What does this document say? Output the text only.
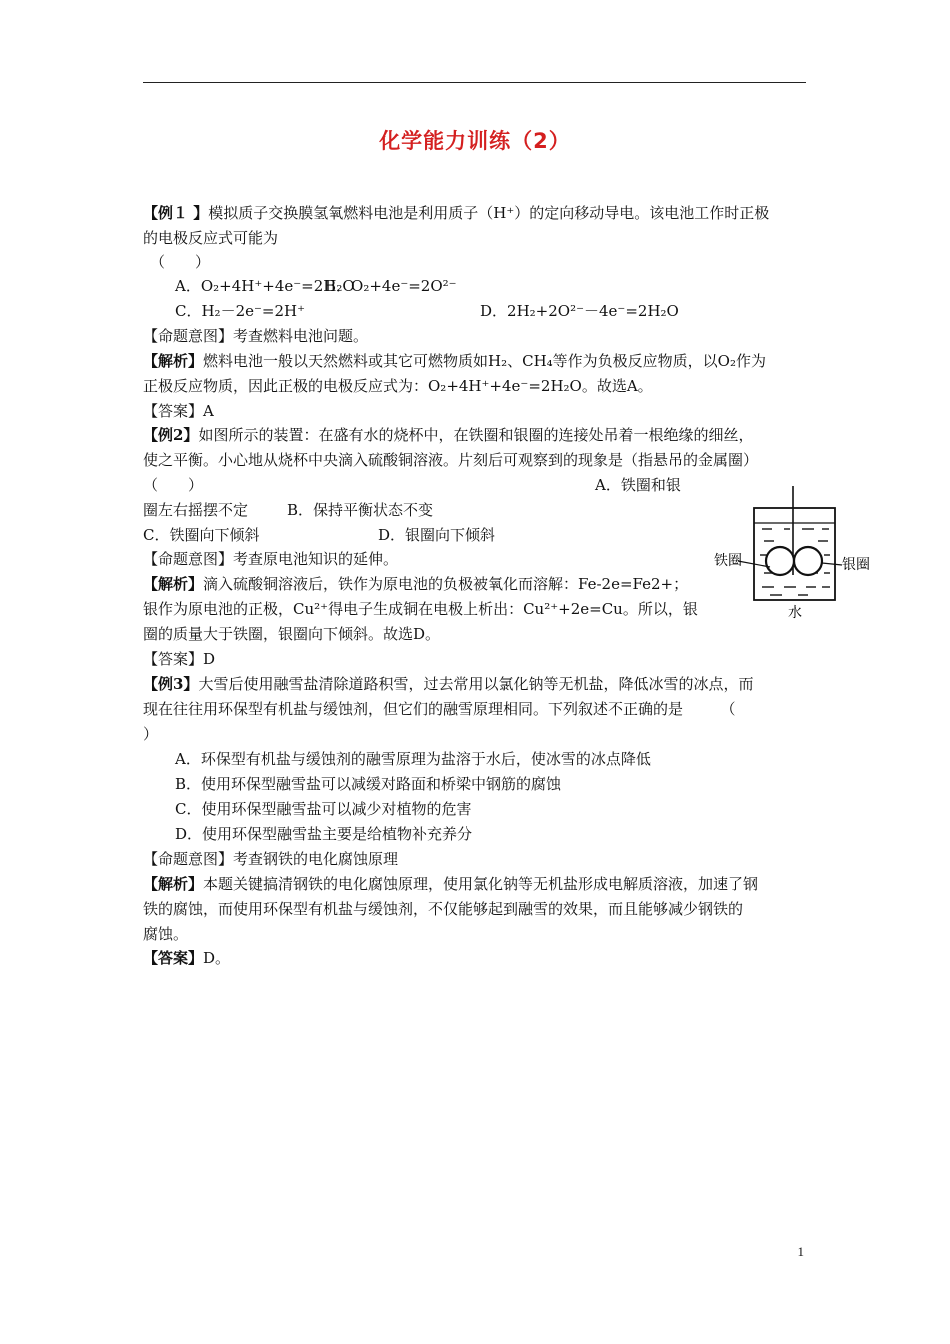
化学能力训练（2）
【例１ 】模拟质子交换膜氢氧燃料电池是利用质子（H⁺）的定向移动导电。该电池工作时正极
的电极反应式可能为
（　　）
A．O₂+4H⁺+4e⁻=2H₂O
B．O₂+4e⁻=2O²⁻
C．H₂－2e⁻=2H⁺	D．2H₂+2O²⁻－4e⁻=2H₂O
【命题意图】考查燃料电池问题。
【解析】燃料电池一般以天然燃料或其它可燃物质如H₂、CH₄等作为负极反应物质，以O₂作为
正极反应物质，因此正极的电极反应式为：O₂+4H⁺+4e⁻=2H₂O。故选A。
【答案】A
【例2】如图所示的装置：在盛有水的烧杯中，在铁圈和银圈的连接处吊着一根绝缘的细丝，
使之平衡。小心地从烧杯中央滴入硫酸铜溶液。片刻后可观察到的现象是（指悬吊的金属圈）
（　　）	A．铁圈和银
圈左右摇摆不定	B．保持平衡状态不变
C．铁圈向下倾斜	D．银圈向下倾斜
【命题意图】考查原电池知识的延伸。
【解析】滴入硫酸铜溶液后，铁作为原电池的负极被氧化而溶解：Fe-2e=Fe2+；
银作为原电池的正极，Cu²⁺得电子生成铜在电极上析出：Cu²⁺+2e=Cu。所以，银
圈的质量大于铁圈，银圈向下倾斜。故选D。
【答案】D
铁圈	银圈
水
【例3】大雪后使用融雪盐清除道路积雪，过去常用以氯化钠等无机盐，降低冰雪的冰点，而
现在往往用环保型有机盐与缓蚀剂，但它们的融雪原理相同。下列叙述不正确的是　　　（
）
A．环保型有机盐与缓蚀剂的融雪原理为盐溶于水后，使冰雪的冰点降低
B．使用环保型融雪盐可以减缓对路面和桥梁中钢筋的腐蚀
C．使用环保型融雪盐可以减少对植物的危害
D．使用环保型融雪盐主要是给植物补充养分
【命题意图】考查钢铁的电化腐蚀原理
【解析】本题关键搞清钢铁的电化腐蚀原理，使用氯化钠等无机盐形成电解质溶液，加速了钢
铁的腐蚀，而使用环保型有机盐与缓蚀剂，不仅能够起到融雪的效果，而且能够减少钢铁的
腐蚀。
【答案】D。
1
